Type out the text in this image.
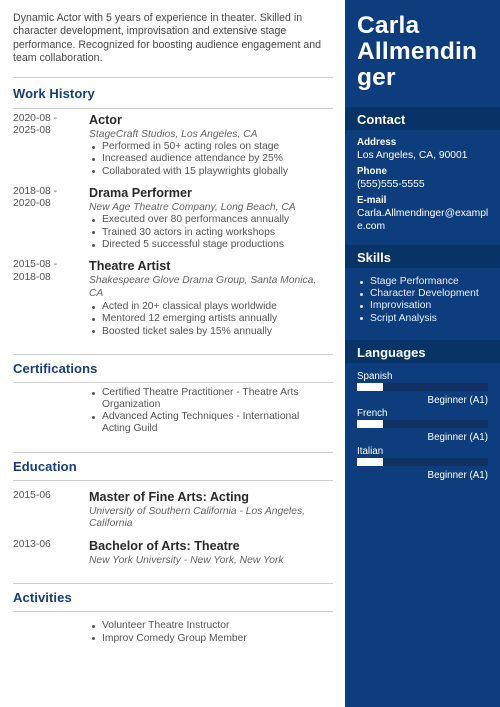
Dynamic Actor with 5 years of experience in theater. Skilled in character development, improvisation and extensive stage performance. Recognized for boosting audience engagement and team collaboration.

Work History
2020-08 -
2025-08
Actor
StageCraft Studios, Los Angeles, CA
Performed in 50+ acting roles on stage
Increased audience attendance by 25%
Collaborated with 15 playwrights globally
2018-08 -
2020-08
Drama Performer
New Age Theatre Company, Long Beach, CA
Executed over 80 performances annually
Trained 30 actors in acting workshops
Directed 5 successful stage productions
2015-08 -
2018-08
Theatre Artist
Shakespeare Glove Drama Group, Santa Monica, CA
Acted in 20+ classical plays worldwide
Mentored 12 emerging artists annually
Boosted ticket sales by 15% annually
Certifications
Certified Theatre Practitioner - Theatre Arts Organization
Advanced Acting Techniques - International Acting Guild
Education
2015-06	Master of Fine Arts: Acting
University of Southern California - Los Angeles, California
2013-06	Bachelor of Arts: Theatre
New York University - New York, New York
Activities
Volunteer Theatre Instructor
Improv Comedy Group Member
Carla
Allmendin
ger
Contact
Address
Los Angeles, CA, 90001
Phone
(555)555-5555
E-mail
Carla.Allmendinger@example.com
Skills
Stage Performance
Character Development
Improvisation
Script Analysis
Languages
Spanish
Beginner (A1)
French
Beginner (A1)
Italian
Beginner (A1)
